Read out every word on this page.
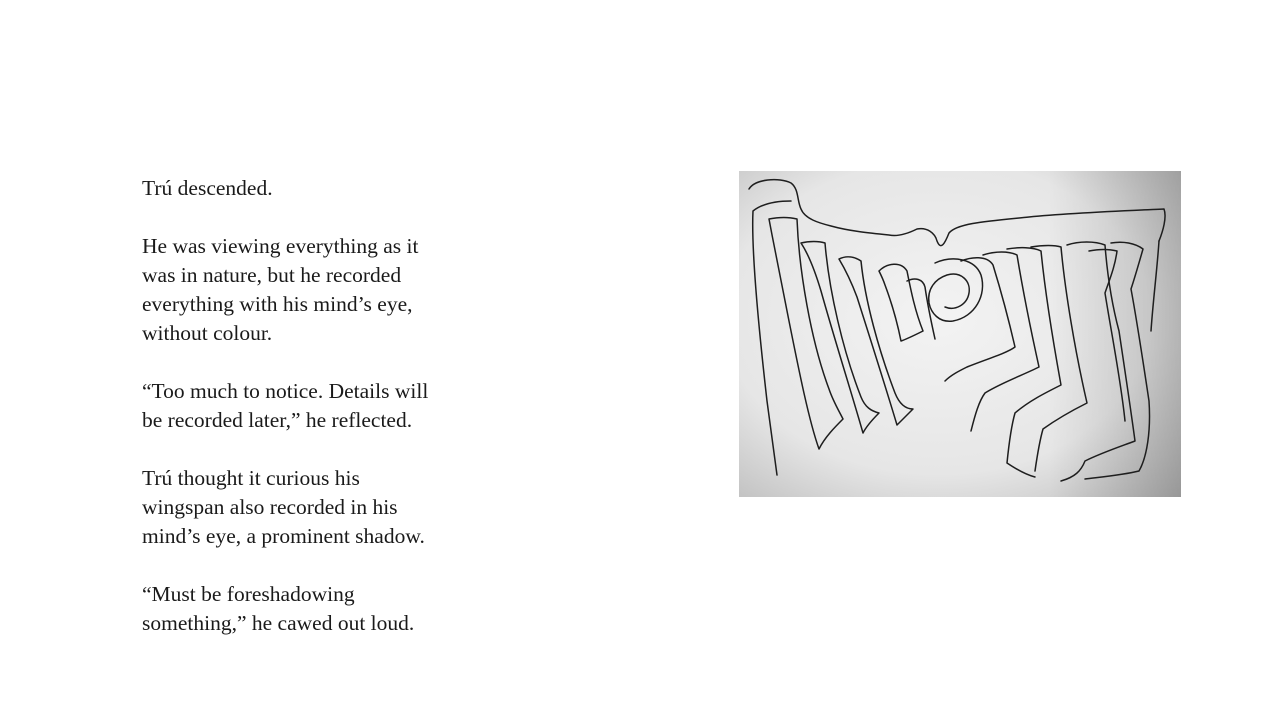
Trú descended.

He was viewing everything as it
was in nature, but he recorded
everything with his mind’s eye,
without colour.

“Too much to notice. Details will
be recorded later,” he reflected.

Trú thought it curious his
wingspan also recorded in his
mind’s eye, a prominent shadow.

“Must be foreshadowing
something,” he cawed out loud.
